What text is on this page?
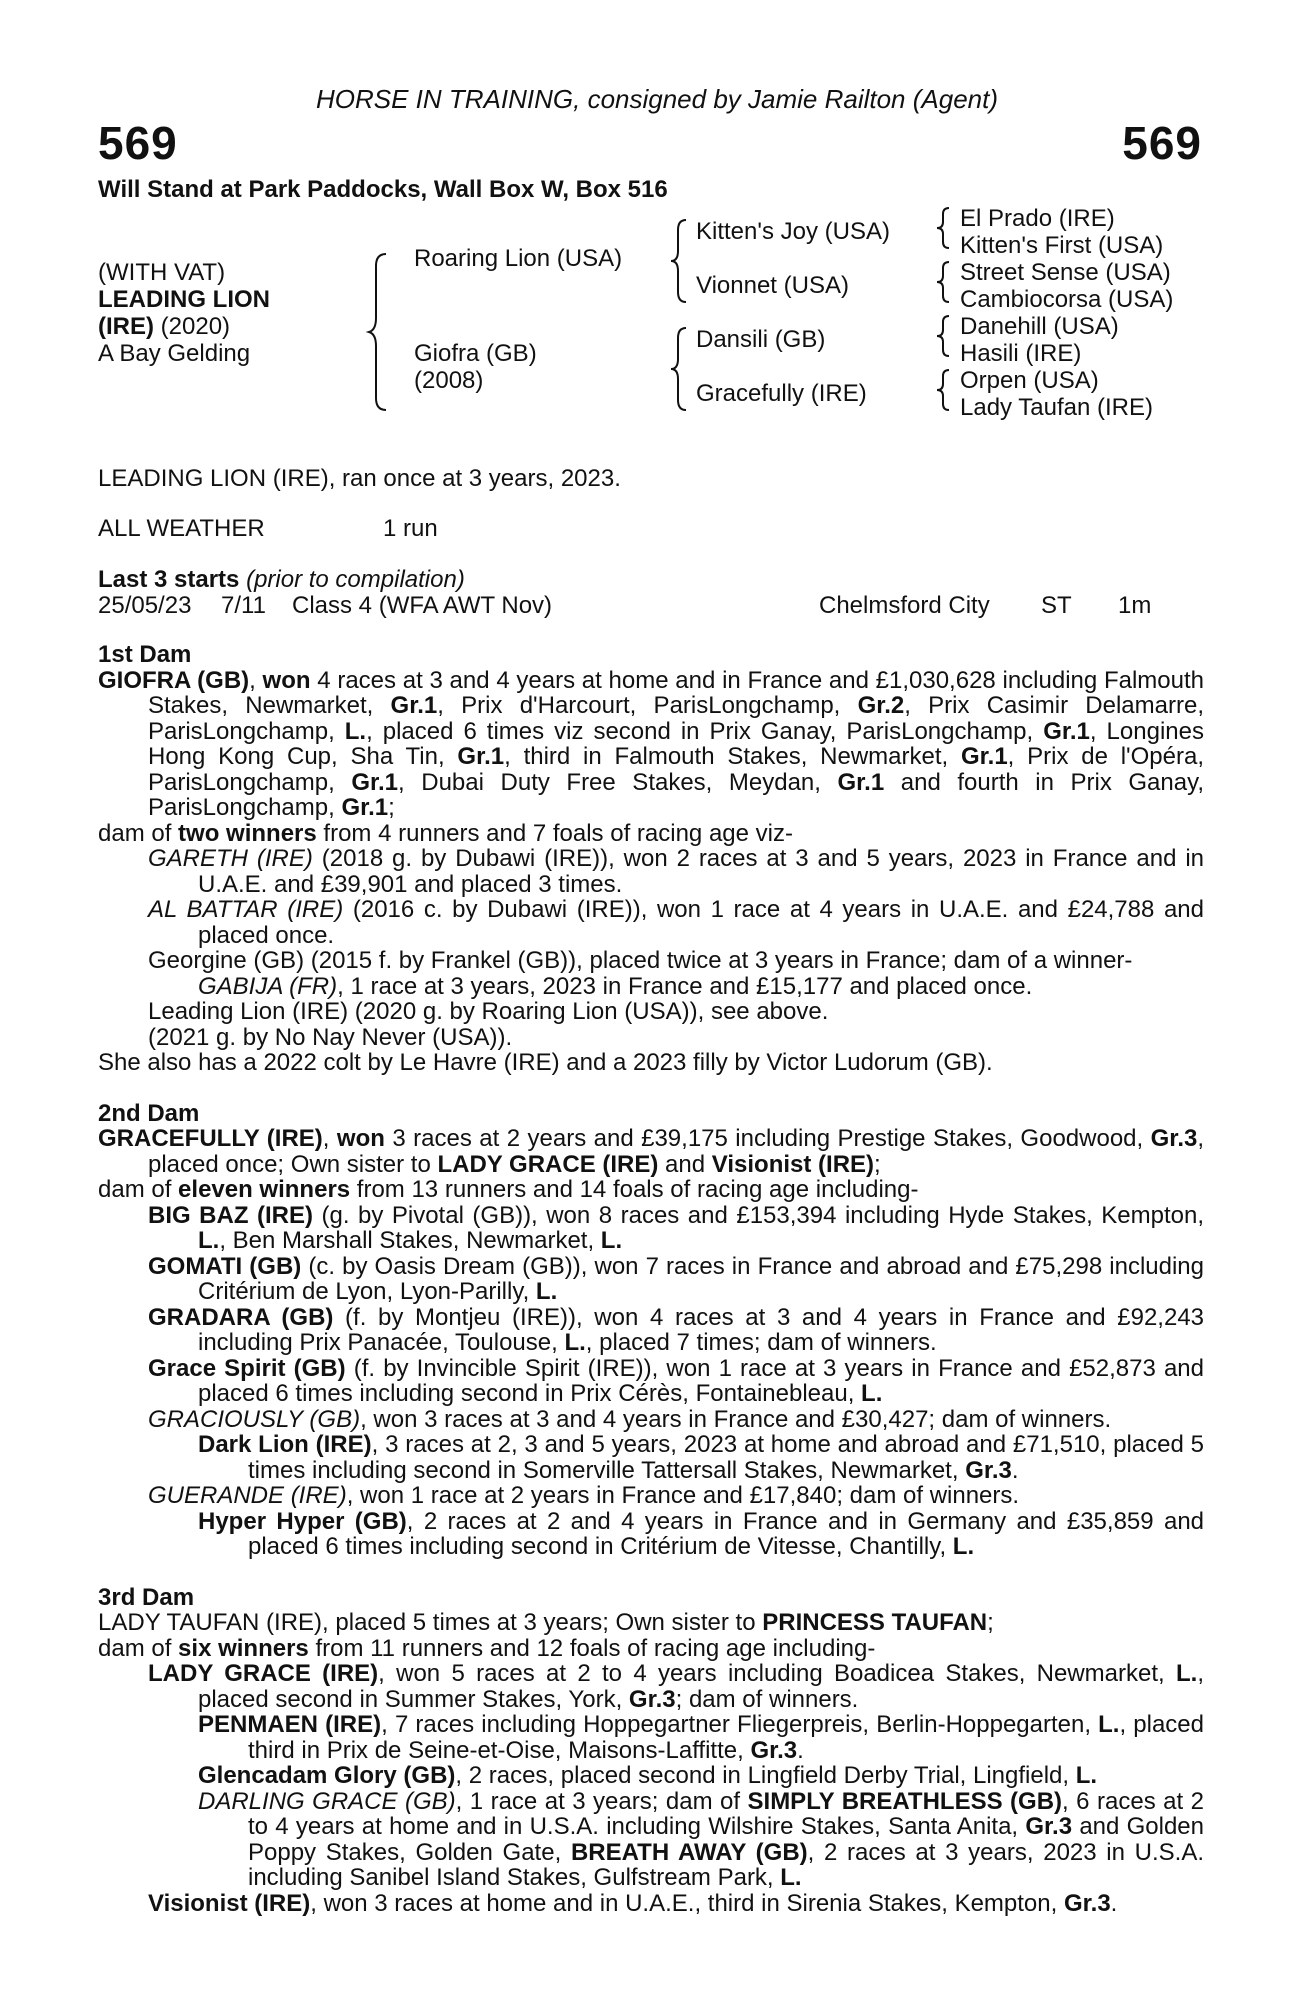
HORSE IN TRAINING, consigned by Jamie Railton (Agent)
569	569
Will Stand at Park Paddocks, Wall Box W, Box 516
(WITH VAT)
LEADING LION
(IRE) (2020)
A Bay Gelding
Roaring Lion (USA)
Giofra (GB)
(2008)
Kitten's Joy (USA)
Vionnet (USA)
Dansili (GB)
Gracefully (IRE)
El Prado (IRE)
Kitten's First (USA)
Street Sense (USA)
Cambiocorsa (USA)
Danehill (USA)
Hasili (IRE)
Orpen (USA)
Lady Taufan (IRE)
LEADING LION (IRE), ran once at 3 years, 2023.
ALL WEATHER	1 run
Last 3 starts (prior to compilation)
25/05/23 7/11 Class 4 (WFA AWT Nov)	Chelmsford City ST 1m

1st Dam

GIOFRA (GB), won 4 races at 3 and 4 years at home and in France and £1,030,628 including Falmouth Stakes, Newmarket, Gr.1, Prix d'Harcourt, ParisLongchamp, Gr.2, Prix Casimir Delamarre, ParisLongchamp, L., placed 6 times viz second in Prix Ganay, ParisLongchamp, Gr.1, Longines Hong Kong Cup, Sha Tin, Gr.1, third in Falmouth Stakes, Newmarket, Gr.1, Prix de l'Opéra, ParisLongchamp, Gr.1, Dubai Duty Free Stakes, Meydan, Gr.1 and fourth in Prix Ganay, ParisLongchamp, Gr.1;

dam of two winners from 4 runners and 7 foals of racing age viz-

GARETH (IRE) (2018 g. by Dubawi (IRE)), won 2 races at 3 and 5 years, 2023 in France and in U.A.E. and £39,901 and placed 3 times.

AL BATTAR (IRE) (2016 c. by Dubawi (IRE)), won 1 race at 4 years in U.A.E. and £24,788 and placed once.

Georgine (GB) (2015 f. by Frankel (GB)), placed twice at 3 years in France; dam of a winner-

GABIJA (FR), 1 race at 3 years, 2023 in France and £15,177 and placed once.

Leading Lion (IRE) (2020 g. by Roaring Lion (USA)), see above.

(2021 g. by No Nay Never (USA)).

She also has a 2022 colt by Le Havre (IRE) and a 2023 filly by Victor Ludorum (GB).

2nd Dam

GRACEFULLY (IRE), won 3 races at 2 years and £39,175 including Prestige Stakes, Goodwood, Gr.3, placed once; Own sister to LADY GRACE (IRE) and Visionist (IRE);

dam of eleven winners from 13 runners and 14 foals of racing age including-

BIG BAZ (IRE) (g. by Pivotal (GB)), won 8 races and £153,394 including Hyde Stakes, Kempton, L., Ben Marshall Stakes, Newmarket, L.

GOMATI (GB) (c. by Oasis Dream (GB)), won 7 races in France and abroad and £75,298 including Critérium de Lyon, Lyon-Parilly, L.

GRADARA (GB) (f. by Montjeu (IRE)), won 4 races at 3 and 4 years in France and £92,243 including Prix Panacée, Toulouse, L., placed 7 times; dam of winners.

Grace Spirit (GB) (f. by Invincible Spirit (IRE)), won 1 race at 3 years in France and £52,873 and placed 6 times including second in Prix Cérès, Fontainebleau, L.

GRACIOUSLY (GB), won 3 races at 3 and 4 years in France and £30,427; dam of winners.

Dark Lion (IRE), 3 races at 2, 3 and 5 years, 2023 at home and abroad and £71,510, placed 5 times including second in Somerville Tattersall Stakes, Newmarket, Gr.3.

GUERANDE (IRE), won 1 race at 2 years in France and £17,840; dam of winners.

Hyper Hyper (GB), 2 races at 2 and 4 years in France and in Germany and £35,859 and placed 6 times including second in Critérium de Vitesse, Chantilly, L.

3rd Dam

LADY TAUFAN (IRE), placed 5 times at 3 years; Own sister to PRINCESS TAUFAN;

dam of six winners from 11 runners and 12 foals of racing age including-

LADY GRACE (IRE), won 5 races at 2 to 4 years including Boadicea Stakes, Newmarket, L., placed second in Summer Stakes, York, Gr.3; dam of winners.

PENMAEN (IRE), 7 races including Hoppegartner Fliegerpreis, Berlin-Hoppegarten, L., placed third in Prix de Seine-et-Oise, Maisons-Laffitte, Gr.3.

Glencadam Glory (GB), 2 races, placed second in Lingfield Derby Trial, Lingfield, L.

DARLING GRACE (GB), 1 race at 3 years; dam of SIMPLY BREATHLESS (GB), 6 races at 2 to 4 years at home and in U.S.A. including Wilshire Stakes, Santa Anita, Gr.3 and Golden Poppy Stakes, Golden Gate, BREATH AWAY (GB), 2 races at 3 years, 2023 in U.S.A. including Sanibel Island Stakes, Gulfstream Park, L.

Visionist (IRE), won 3 races at home and in U.A.E., third in Sirenia Stakes, Kempton, Gr.3.
